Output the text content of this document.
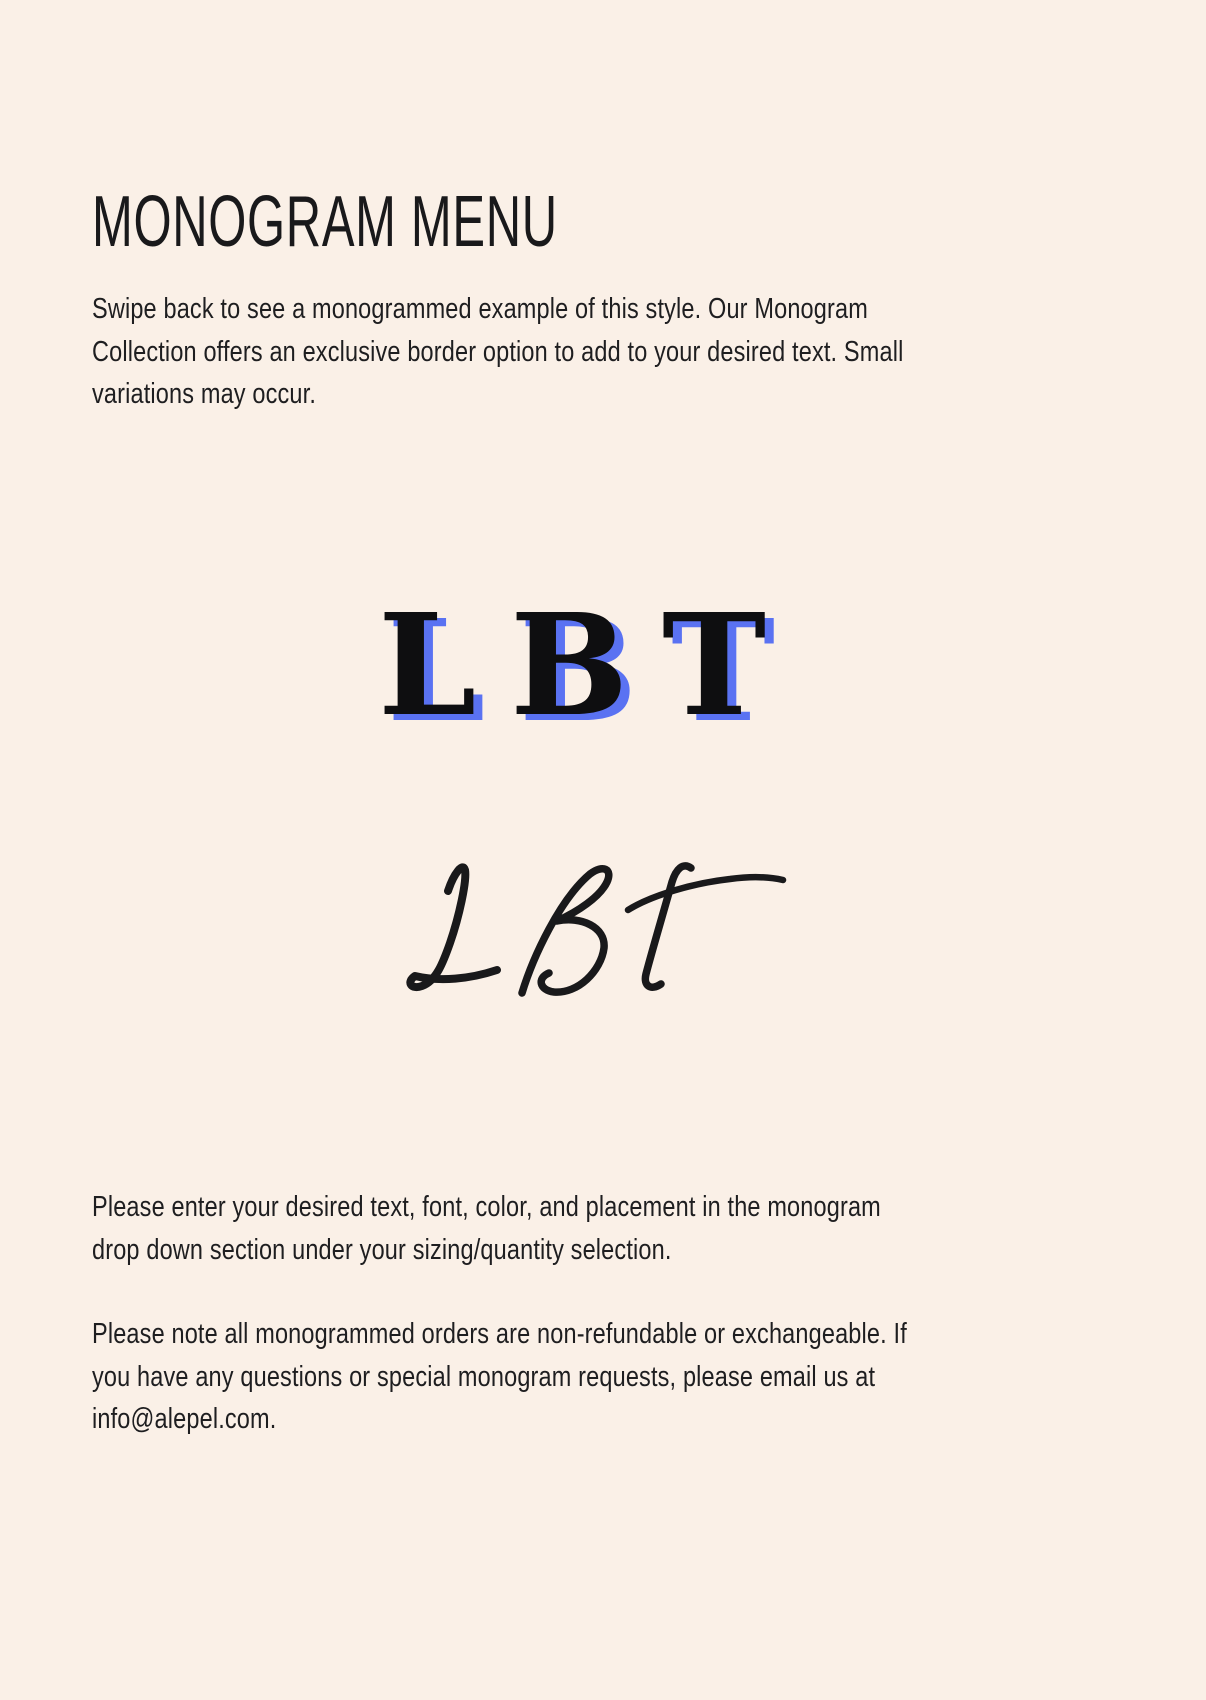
MONOGRAM MENU
Swipe back to see a monogrammed example of this style. Our Monogram
Collection offers an exclusive border option to add to your desired text. Small
variations may occur.
LBT
Please enter your desired text, font, color, and placement in the monogram
drop down section under your sizing/quantity selection.
Please note all monogrammed orders are non-refundable or exchangeable. If
you have any questions or special monogram requests, please email us at
info@alepel.com.
